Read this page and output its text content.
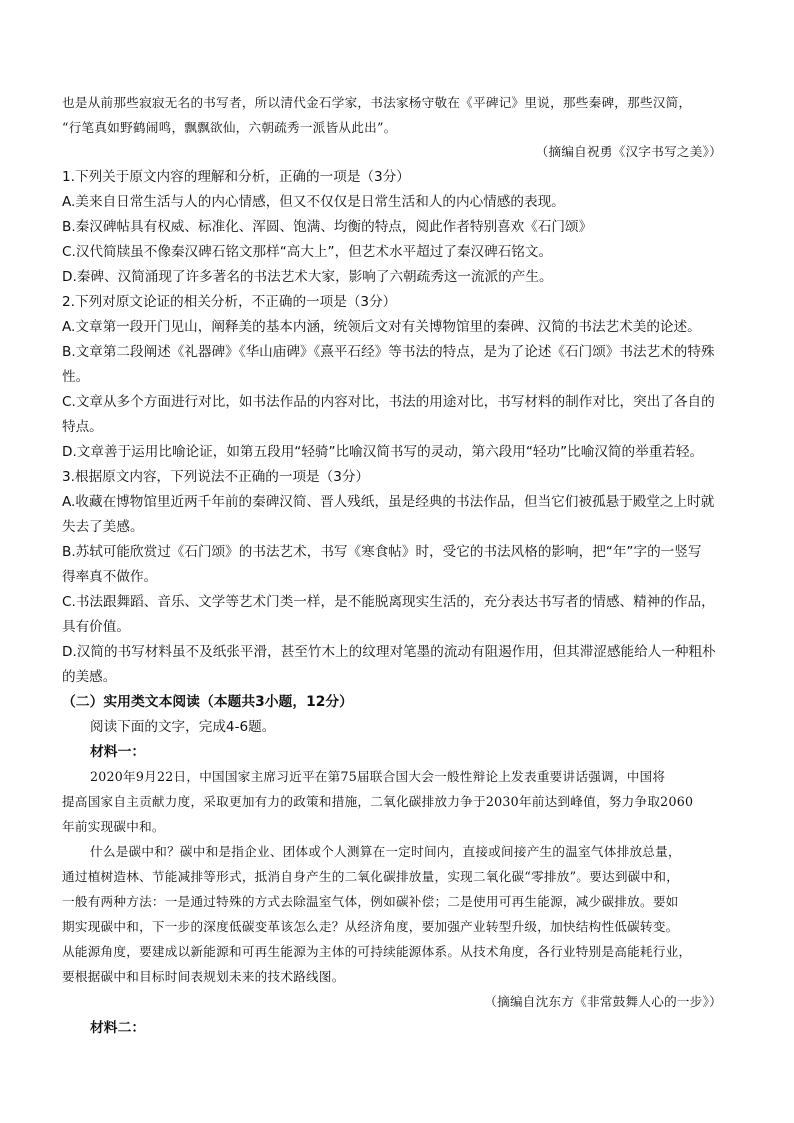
也是从前那些寂寂无名的书写者，所以清代金石学家，书法家杨守敬在《平碑记》里说，那些秦碑，那些汉简，
“行笔真如野鹤闹鸣，飘飘欲仙，六朝疏秀一派皆从此出”。
（摘编自祝勇《汉字书写之美》）
1.下列关于原文内容的理解和分析，正确的一项是（3分）
A.美来自日常生活与人的内心情感，但又不仅仅是日常生活和人的内心情感的表现。
B.秦汉碑帖具有权威、标准化、浑圆、饱满、均衡的特点，阅此作者特别喜欢《石门颂》
C.汉代简牍虽不像秦汉碑石铭文那样“高大上”，但艺术水平超过了秦汉碑石铭文。
D.秦碑、汉简涌现了许多著名的书法艺术大家，影响了六朝疏秀这一流派的产生。
2.下列对原文论证的相关分析，不正确的一项是（3分）
A.文章第一段开门见山，阐释美的基本内涵，统领后文对有关博物馆里的秦碑、汉简的书法艺术美的论述。
B.文章第二段阐述《礼器碑》《华山庙碑》《熹平石经》等书法的特点，是为了论述《石门颂》书法艺术的特殊
性。
C.文章从多个方面进行对比，如书法作品的内容对比，书法的用途对比，书写材料的制作对比，突出了各自的
特点。
D.文章善于运用比喻论证，如第五段用“轻骑”比喻汉简书写的灵动，第六段用“轻功”比喻汉简的举重若轻。
3.根据原文内容，下列说法不正确的一项是（3分）
A.收藏在博物馆里近两千年前的秦碑汉简、晋人残纸，虽是经典的书法作品，但当它们被孤悬于殿堂之上时就
失去了美感。
B.苏轼可能欣赏过《石门颂》的书法艺术，书写《寒食帖》时，受它的书法风格的影响，把“年”字的一竖写
得率真不做作。
C.书法跟舞蹈、音乐、文学等艺术门类一样，是不能脱离现实生活的，充分表达书写者的情感、精神的作品，
具有价值。
D.汉简的书写材料虽不及纸张平滑，甚至竹木上的纹理对笔墨的流动有阻遏作用，但其滞涩感能给人一种粗朴
的美感。
（二）实用类文本阅读（本题共3小题，12分）
阅读下面的文字，完成4-6题。
材料一：
2020年9月22日，中国国家主席习近平在第75届联合国大会一般性辩论上发表重要讲话强调，中国将
提高国家自主贡献力度，采取更加有力的政策和措施，二氧化碳排放力争于2030年前达到峰值，努力争取2060
年前实现碳中和。
什么是碳中和？碳中和是指企业、团体或个人测算在一定时间内，直接或间接产生的温室气体排放总量，
通过植树造林、节能减排等形式，抵消自身产生的二氧化碳排放量，实现二氧化碳“零排放”。要达到碳中和，
一般有两种方法：一是通过特殊的方式去除温室气体，例如碳补偿；二是使用可再生能源，减少碳排放。要如
期实现碳中和，下一步的深度低碳变革该怎么走？从经济角度，要加强产业转型升级，加快结构性低碳转变。
从能源角度，要建成以新能源和可再生能源为主体的可持续能源体系。从技术角度，各行业特别是高能耗行业，
要根据碳中和目标时间表规划未来的技术路线图。
（摘编自沈东方《非常鼓舞人心的一步》）
材料二：
